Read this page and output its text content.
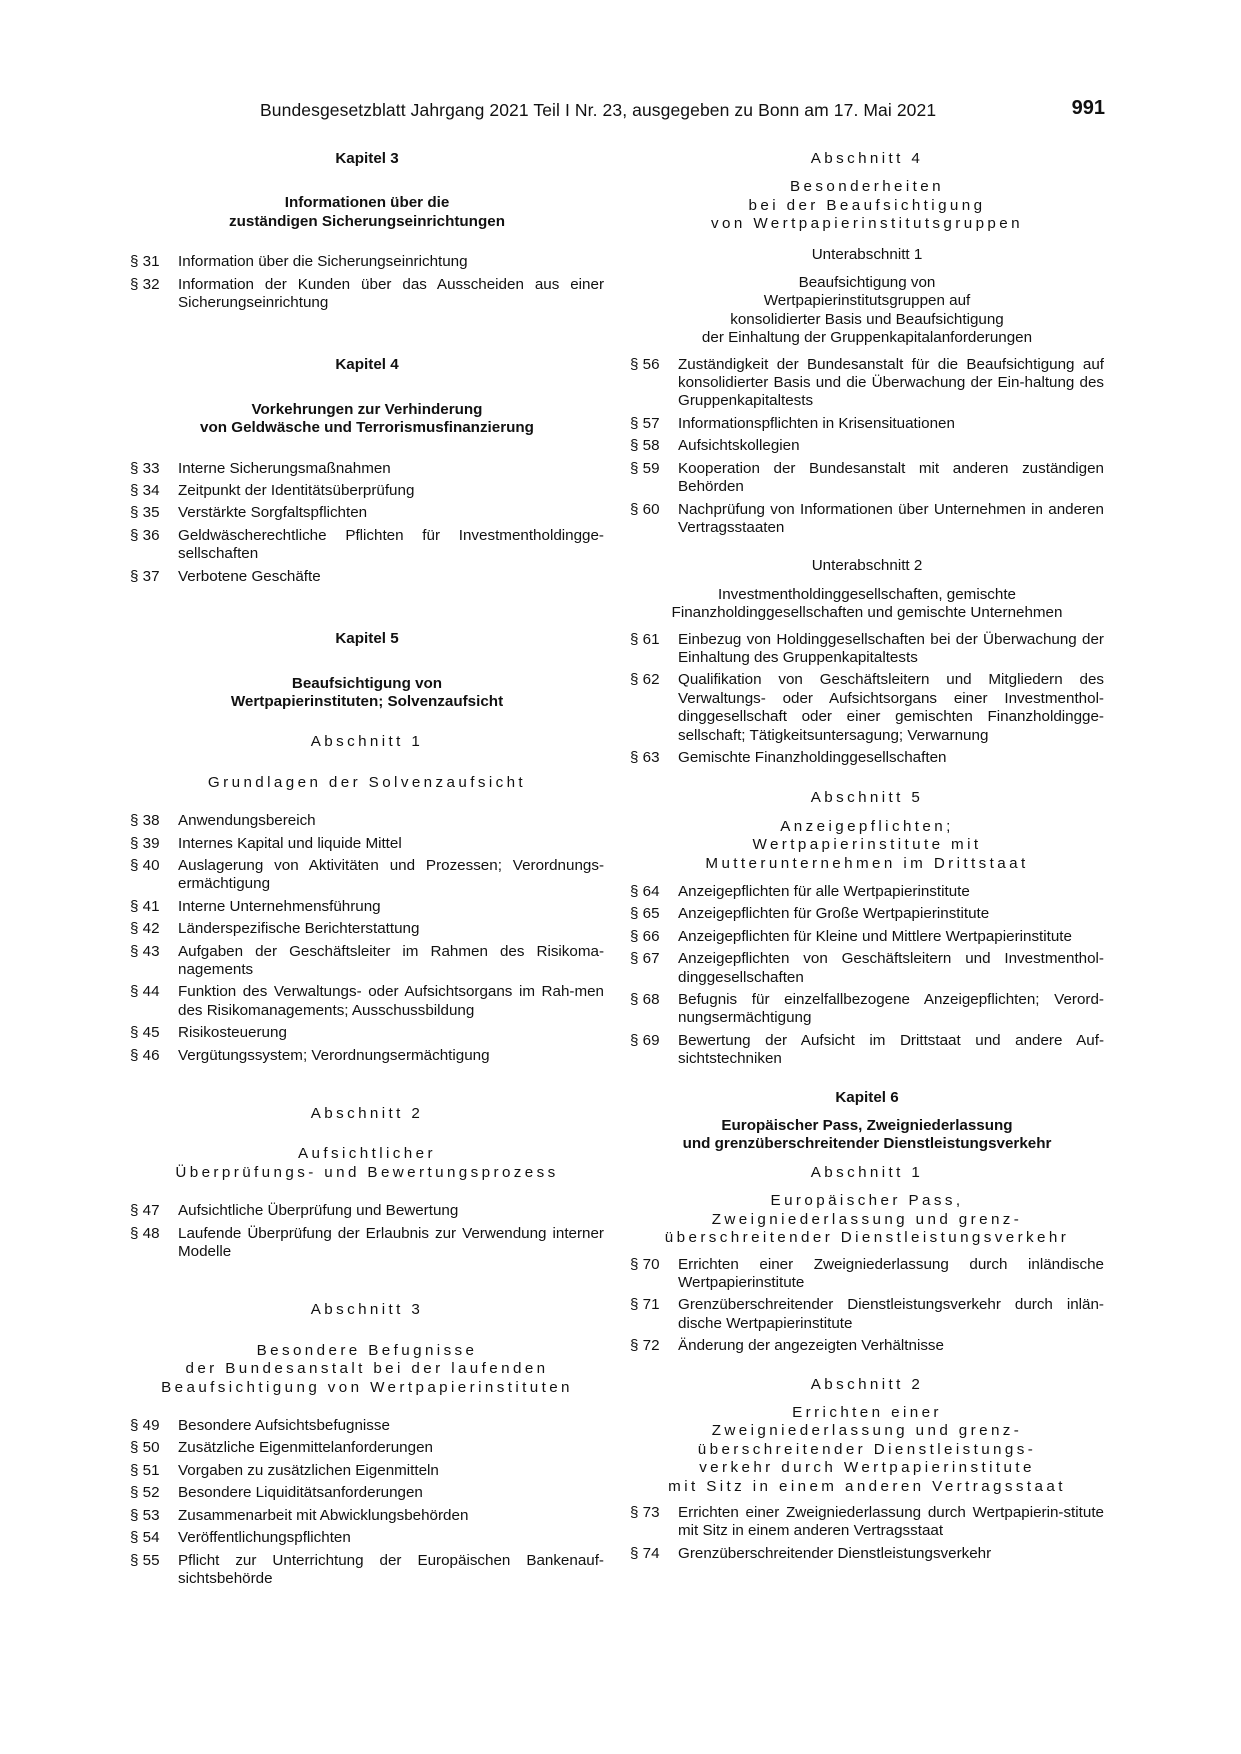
Bundesgesetzblatt Jahrgang 2021 Teil I Nr. 23, ausgegeben zu Bonn am 17. Mai 2021	991
Kapitel 3
Informationen über die
zuständigen Sicherungseinrichtungen
§ 31	Information über die Sicherungseinrichtung
§ 32	Information der Kunden über das Ausscheiden aus einer Sicherungseinrichtung
Kapitel 4
Vorkehrungen zur Verhinderung
von Geldwäsche und Terrorismusfinanzierung
§ 33	Interne Sicherungsmaßnahmen
§ 34	Zeitpunkt der Identitätsüberprüfung
§ 35	Verstärkte Sorgfaltspflichten
§ 36	Geldwäscherechtliche Pflichten für Investmentholdingge-sellschaften
§ 37	Verbotene Geschäfte
Kapitel 5
Beaufsichtigung von
Wertpapierinstituten; Solvenzaufsicht
Abschnitt 1
Grundlagen der Solvenzaufsicht
§ 38	Anwendungsbereich
§ 39	Internes Kapital und liquide Mittel
§ 40	Auslagerung von Aktivitäten und Prozessen; Verordnungs-ermächtigung
§ 41	Interne Unternehmensführung
§ 42	Länderspezifische Berichterstattung
§ 43	Aufgaben der Geschäftsleiter im Rahmen des Risikoma-nagements
§ 44	Funktion des Verwaltungs- oder Aufsichtsorgans im Rah-men des Risikomanagements; Ausschussbildung
§ 45	Risikosteuerung
§ 46	Vergütungssystem; Verordnungsermächtigung
Abschnitt 2
Aufsichtlicher
Überprüfungs- und Bewertungsprozess
§ 47	Aufsichtliche Überprüfung und Bewertung
§ 48	Laufende Überprüfung der Erlaubnis zur Verwendung interner Modelle
Abschnitt 3
Besondere Befugnisse
der Bundesanstalt bei der laufenden
Beaufsichtigung von Wertpapierinstituten
§ 49	Besondere Aufsichtsbefugnisse
§ 50	Zusätzliche Eigenmittelanforderungen
§ 51	Vorgaben zu zusätzlichen Eigenmitteln
§ 52	Besondere Liquiditätsanforderungen
§ 53	Zusammenarbeit mit Abwicklungsbehörden
§ 54	Veröffentlichungspflichten
§ 55	Pflicht zur Unterrichtung der Europäischen Bankenauf-sichtsbehörde
Abschnitt 4
Besonderheiten
bei der Beaufsichtigung
von Wertpapierinstitutsgruppen
Unterabschnitt 1
Beaufsichtigung von
Wertpapierinstitutsgruppen auf
konsolidierter Basis und Beaufsichtigung
der Einhaltung der Gruppenkapitalanforderungen
§ 56	Zuständigkeit der Bundesanstalt für die Beaufsichtigung auf konsolidierter Basis und die Überwachung der Ein-haltung des Gruppenkapitaltests
§ 57	Informationspflichten in Krisensituationen
§ 58	Aufsichtskollegien
§ 59	Kooperation der Bundesanstalt mit anderen zuständigen Behörden
§ 60	Nachprüfung von Informationen über Unternehmen in anderen Vertragsstaaten
Unterabschnitt 2
Investmentholdinggesellschaften, gemischte
Finanzholdinggesellschaften und gemischte Unternehmen
§ 61	Einbezug von Holdinggesellschaften bei der Überwachung der Einhaltung des Gruppenkapitaltests
§ 62	Qualifikation von Geschäftsleitern und Mitgliedern des Verwaltungs- oder Aufsichtsorgans einer Investmenthol-dinggesellschaft oder einer gemischten Finanzholdingge-sellschaft; Tätigkeitsuntersagung; Verwarnung
§ 63	Gemischte Finanzholdinggesellschaften
Abschnitt 5
Anzeigepflichten;
Wertpapierinstitute mit
Mutterunternehmen im Drittstaat
§ 64	Anzeigepflichten für alle Wertpapierinstitute
§ 65	Anzeigepflichten für Große Wertpapierinstitute
§ 66	Anzeigepflichten für Kleine und Mittlere Wertpapierinstitute
§ 67	Anzeigepflichten von Geschäftsleitern und Investmenthol-dinggesellschaften
§ 68	Befugnis für einzelfallbezogene Anzeigepflichten; Verord-nungsermächtigung
§ 69	Bewertung der Aufsicht im Drittstaat und andere Auf-sichtstechniken
Kapitel 6
Europäischer Pass, Zweigniederlassung
und grenzüberschreitender Dienstleistungsverkehr
Abschnitt 1
Europäischer Pass,
Zweigniederlassung und grenz-
überschreitender Dienstleistungsverkehr
§ 70	Errichten einer Zweigniederlassung durch inländische Wertpapierinstitute
§ 71	Grenzüberschreitender Dienstleistungsverkehr durch inlän-dische Wertpapierinstitute
§ 72	Änderung der angezeigten Verhältnisse
Abschnitt 2
Errichten einer
Zweigniederlassung und grenz-
überschreitender Dienstleistungs-
verkehr durch Wertpapierinstitute
mit Sitz in einem anderen Vertragsstaat
§ 73	Errichten einer Zweigniederlassung durch Wertpapierin-stitute mit Sitz in einem anderen Vertragsstaat
§ 74	Grenzüberschreitender Dienstleistungsverkehr
